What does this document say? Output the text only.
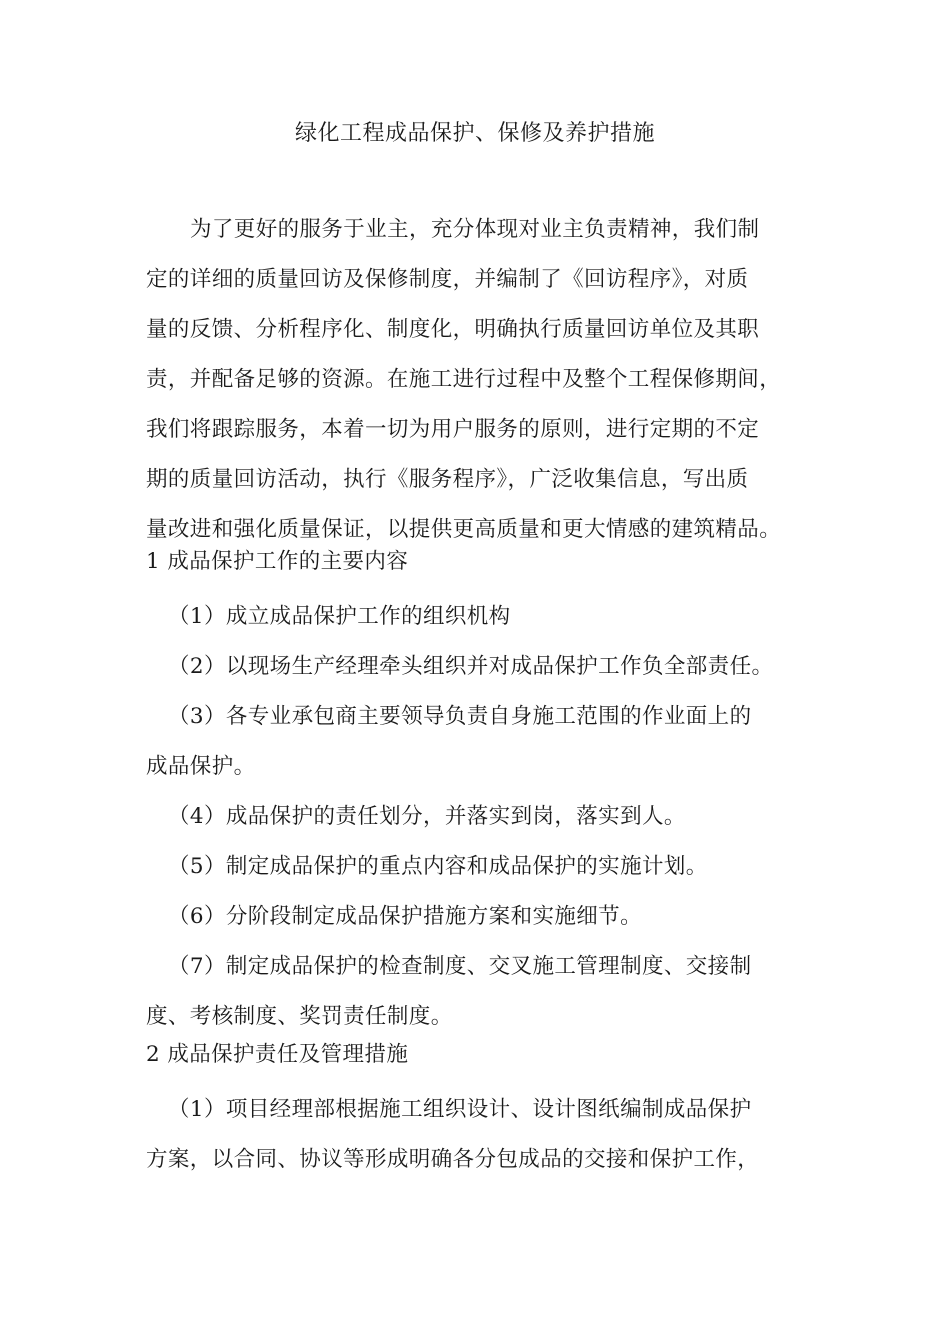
绿化工程成品保护、保修及养护措施
为了更好的服务于业主，充分体现对业主负责精神，我们制
定的详细的质量回访及保修制度，并编制了《回访程序》，对质
量的反馈、分析程序化、制度化，明确执行质量回访单位及其职
责，并配备足够的资源。在施工进行过程中及整个工程保修期间，
我们将跟踪服务，本着一切为用户服务的原则，进行定期的不定
期的质量回访活动，执行《服务程序》，广泛收集信息，写出质
量改进和强化质量保证，以提供更高质量和更大情感的建筑精品。
1 成品保护工作的主要内容
（1）成立成品保护工作的组织机构
（2）以现场生产经理牵头组织并对成品保护工作负全部责任。
（3）各专业承包商主要领导负责自身施工范围的作业面上的
成品保护。
（4）成品保护的责任划分，并落实到岗，落实到人。
（5）制定成品保护的重点内容和成品保护的实施计划。
（6）分阶段制定成品保护措施方案和实施细节。
（7）制定成品保护的检查制度、交叉施工管理制度、交接制
度、考核制度、奖罚责任制度。
2 成品保护责任及管理措施
（1）项目经理部根据施工组织设计、设计图纸编制成品保护
方案，以合同、协议等形成明确各分包成品的交接和保护工作，
